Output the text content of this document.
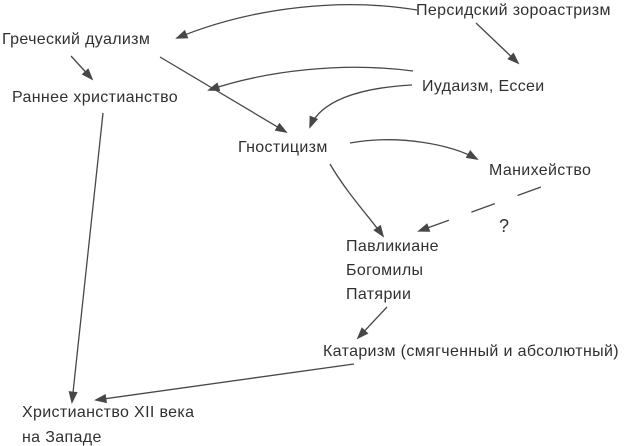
Персидский зороастризм
Греческий дуализм
Раннее христианство
Иудаизм, Ессеи
Гностицизм
Манихейство
Павликиане
Богомилы
Патярии
?
Катаризм (смягченный и абсолютный)
Христианство XII века
на Западе
